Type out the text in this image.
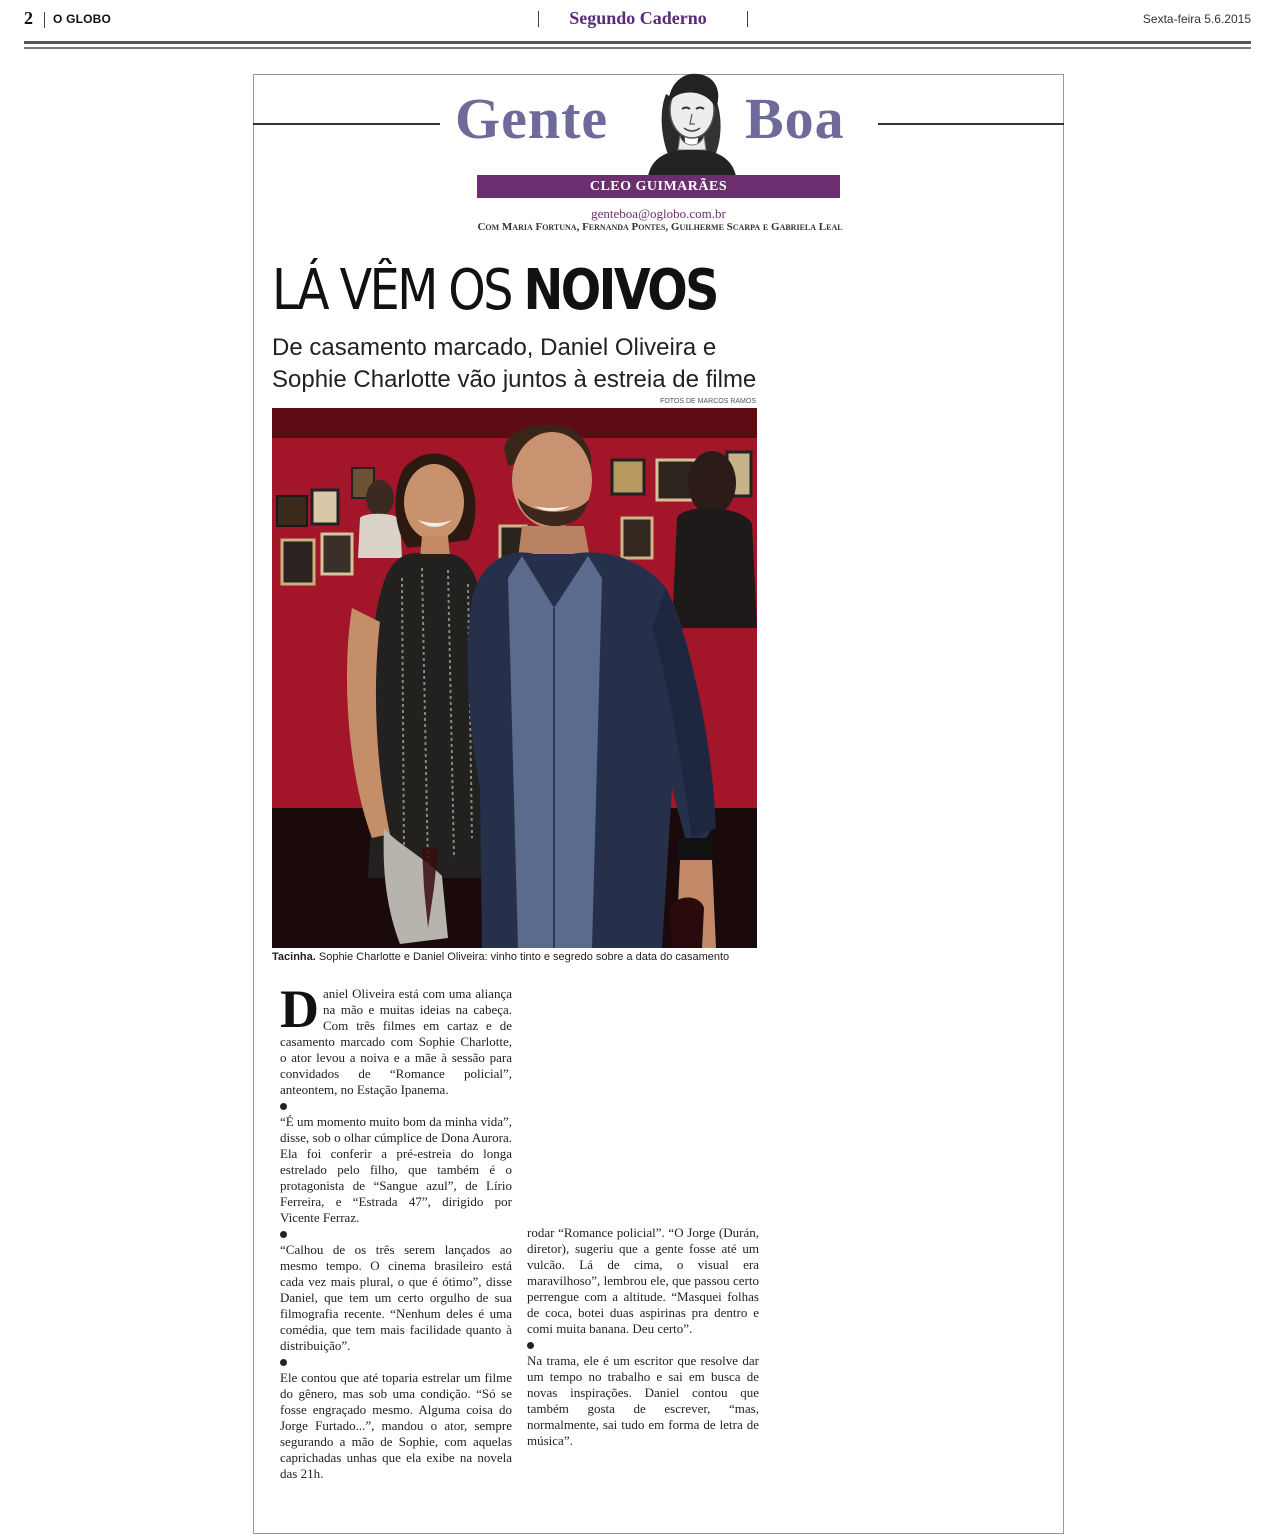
2 O GLOBO	Segundo Caderno	Sexta-feira 5.6.2015
Gente Boa
CLEO GUIMARÃES
genteboa@oglobo.com.br
Com Maria Fortuna, Fernanda Pontes, Guilherme Scarpa e Gabriela Leal
LÁ VÊM OS NOIVOS
De casamento marcado, Daniel Oliveira e Sophie Charlotte vão juntos à estreia de filme
FOTOS DE MARCOS RAMOS
Tacinha. Sophie Charlotte e Daniel Oliveira: vinho tinto e segredo sobre a data do casamento

Daniel Oliveira está com uma aliança na mão e muitas ideias na cabeça. Com três filmes em cartaz e de casamento marcado com Sophie Charlotte, o ator levou a noiva e a mãe à sessão para convidados de “Romance policial”, anteontem, no Estação Ipanema.

“É um momento muito bom da minha vida”, disse, sob o olhar cúmplice de Dona Aurora. Ela foi conferir a pré-estreia do longa estrelado pelo filho, que também é o protagonista de “Sangue azul”, de Lírio Ferreira, e “Estrada 47”, dirigido por Vicente Ferraz.

“Calhou de os três serem lançados ao mesmo tempo. O cinema brasileiro está cada vez mais plural, o que é ótimo”, disse Daniel, que tem um certo orgulho de sua filmografia recente. “Nenhum deles é uma comédia, que tem mais facilidade quanto à distribuição”.

Ele contou que até toparia estrelar um filme do gênero, mas sob uma condição. “Só se fosse engraçado mesmo. Alguma coisa do Jorge Furtado...”, mandou o ator, sempre segurando a mão de Sophie, com aquelas caprichadas unhas que ela exibe na novela das 21h.

rodar “Romance policial”. “O Jorge (Durán, diretor), sugeriu que a gente fosse até um vulcão. Lá de cima, o visual era maravilhoso”, lembrou ele, que passou certo perrengue com a altitude. “Masquei folhas de coca, botei duas aspirinas pra dentro e comi muita banana. Deu certo”.

Na trama, ele é um escritor que resolve dar um tempo no trabalho e sai em busca de novas inspirações. Daniel contou que também gosta de escrever, “mas, normalmente, sai tudo em forma de letra de música”.
